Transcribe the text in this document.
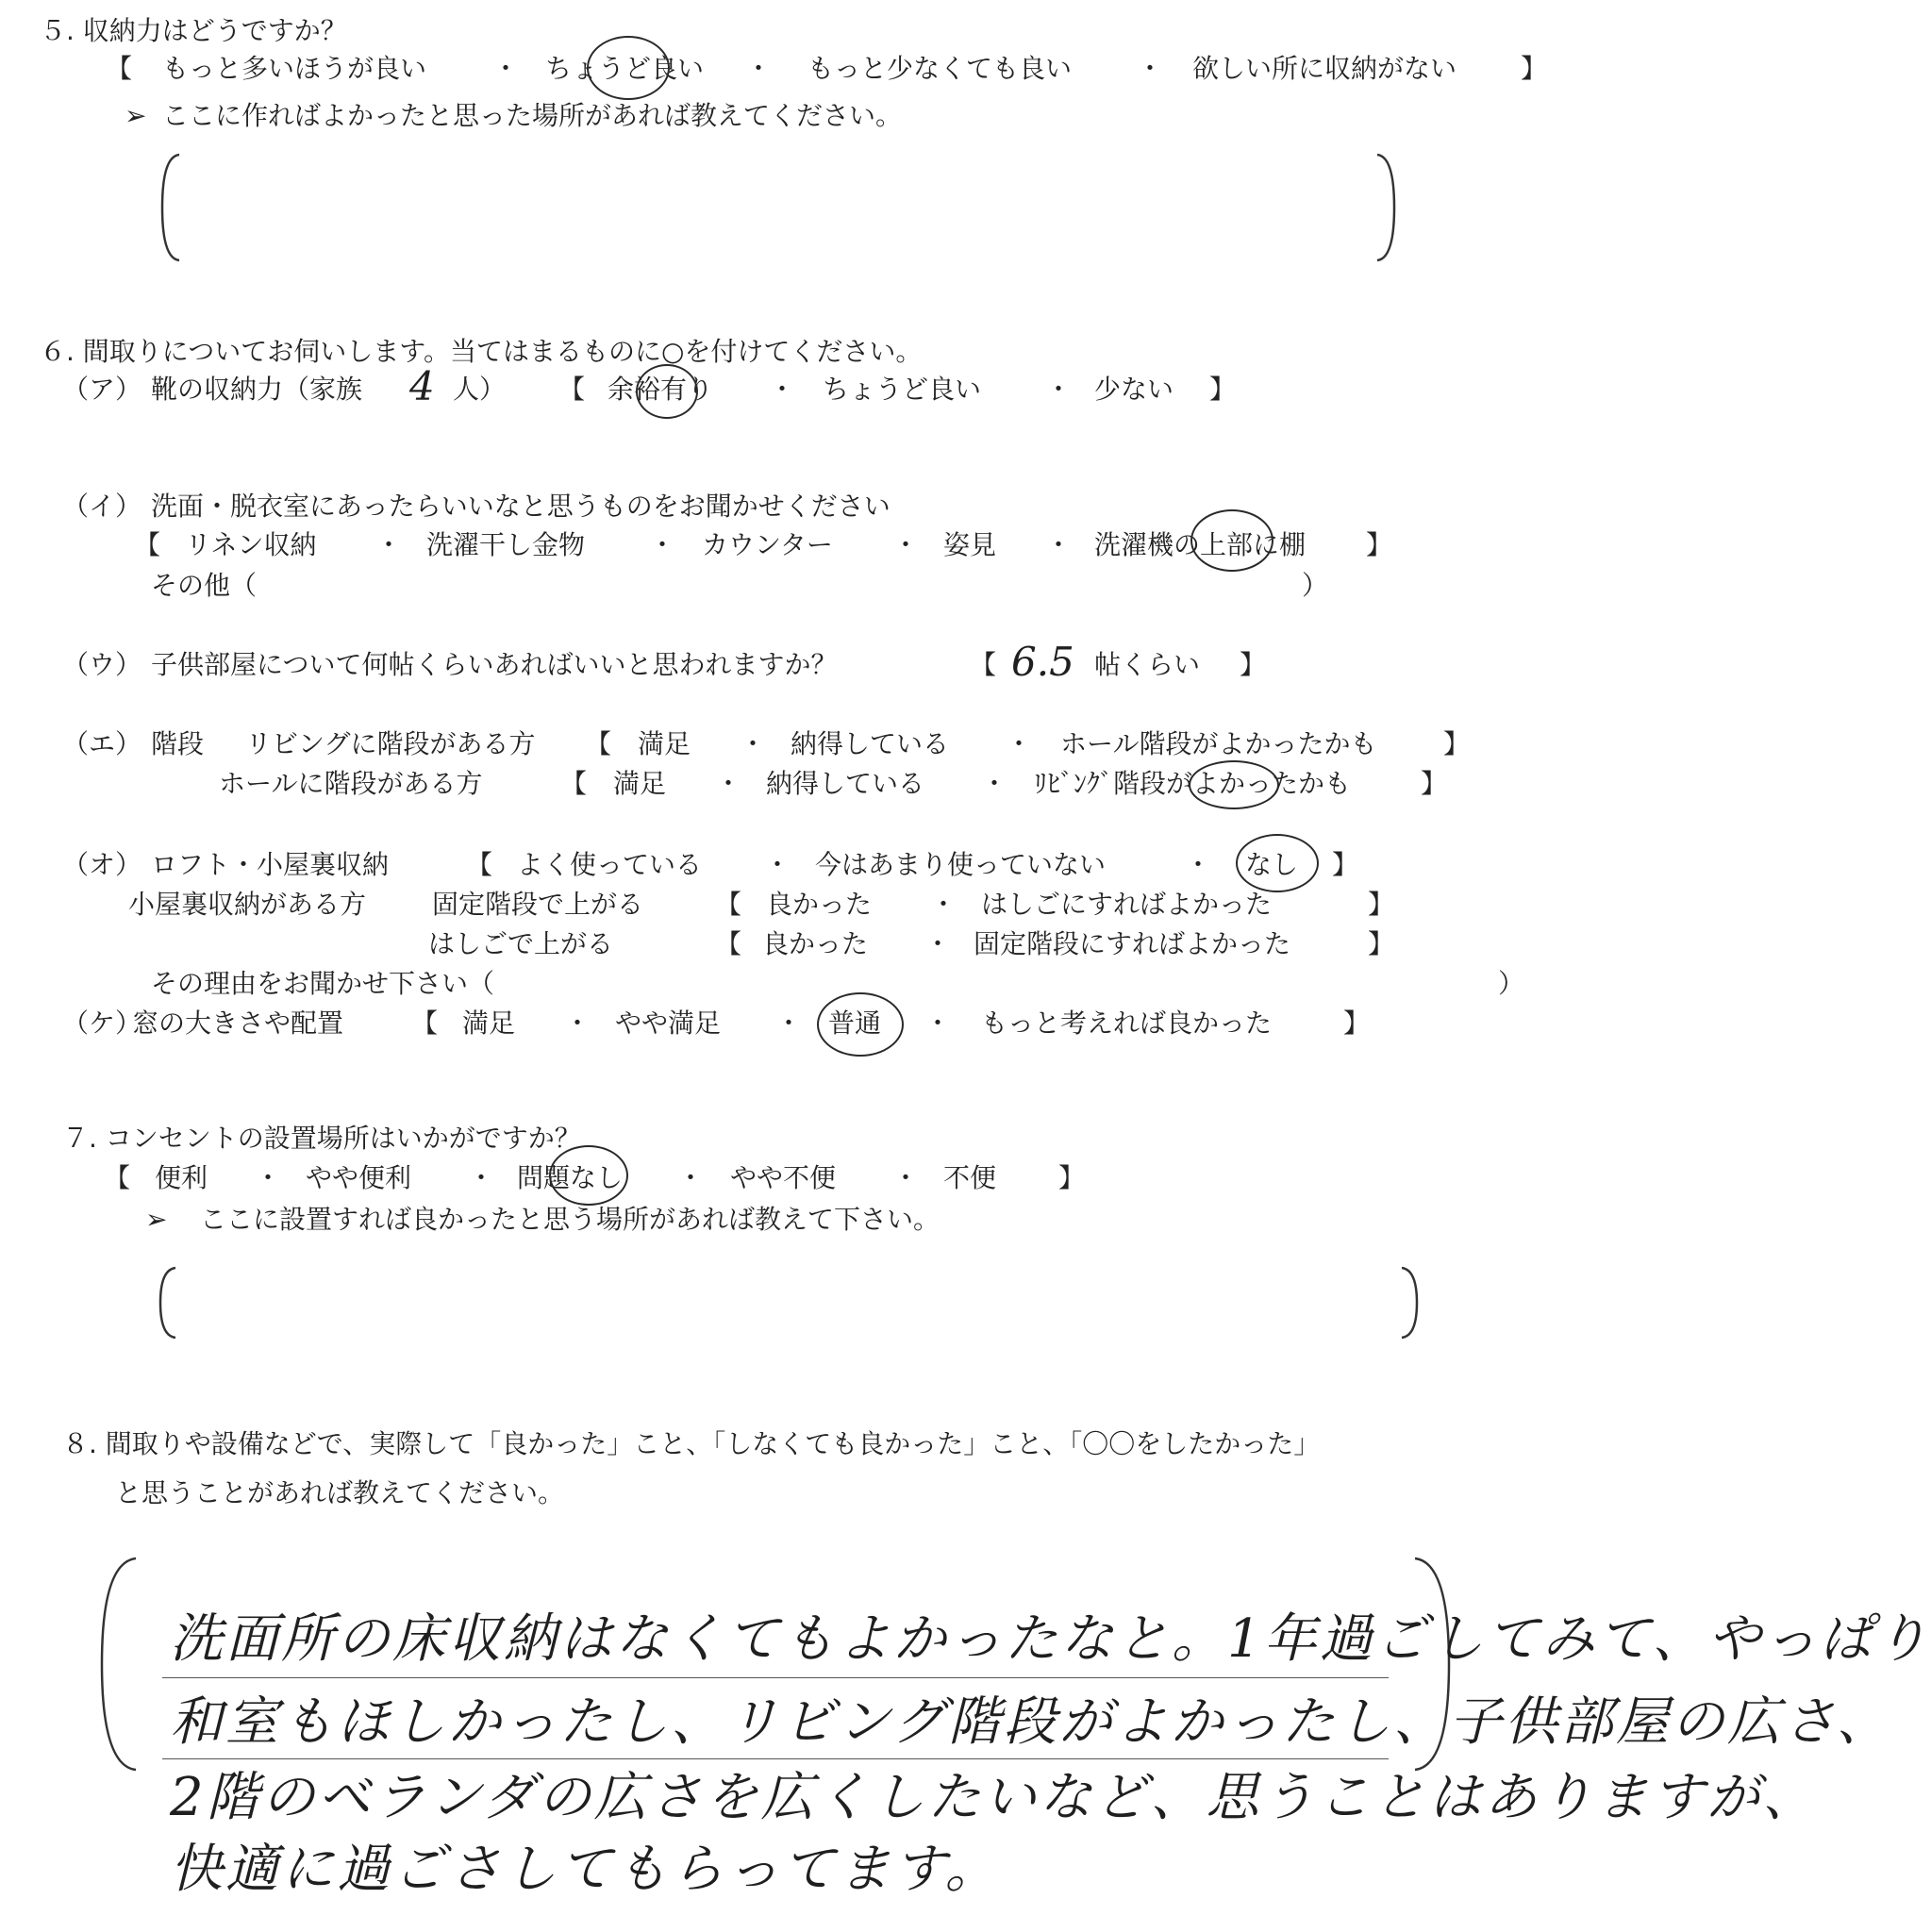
５. 収納力はどうですか？
【 もっと多いほうが良い ・ ちょうど良い ・ もっと少なくても良い ・ 欲しい所に収納がない 】
➢ ここに作ればよかったと思った場所があれば教えてください。
６. 間取りについてお伺いします。当てはまるものに○を付けてください。
（ア） 靴の収納力（家族 4 人） 【 余裕有り ・ ちょうど良い ・ 少ない 】
（イ） 洗面・脱衣室にあったらいいなと思うものをお聞かせください
【 リネン収納 ・ 洗濯干し金物 ・ カウンター ・ 姿見 ・ 洗濯機の上部に棚 】
その他（	）
（ウ） 子供部屋について何帖くらいあればいいと思われますか？	【 6.5 帖くらい 】
（エ） 階段 リビングに階段がある方 【 満足 ・ 納得している ・ ホール階段がよかったかも	】
ホールに階段がある方	【 満足 ・ 納得している ・ ﾘﾋﾞﾝｸﾞ階段がよかったかも	】
（オ） ロフト・小屋裏収納	【 よく使っている ・ 今はあまり使っていない	・ なし 】
小屋裏収納がある方 固定階段で上がる	【 良かった ・ はしごにすればよかった	】
はしごで上がる	【 良かった ・ 固定階段にすればよかった	】
その理由をお聞かせ下さい（	）
（ケ）
窓の大きさや配置	【 満足 ・ やや満足 ・ 普通 ・ もっと考えれば良かった	】
７. コンセントの設置場所はいかがですか？
【 便利 ・ やや便利 ・ 問題なし ・ やや不便 ・ 不便 】
➢ ここに設置すれば良かったと思う場所があれば教えて下さい。
８. 間取りや設備などで、実際して「良かった」こと、「しなくても良かった」こと、「〇〇をしたかった」
と思うことがあれば教えてください。
洗面所の床収納はなくてもよかったなと。1年過ごしてみて、やっぱり
和室もほしかったし、リビング階段がよかったし、子供部屋の広さ、
2階のベランダの広さを広くしたいなど、思うことはありますが、
快適に過ごさしてもらってます。
